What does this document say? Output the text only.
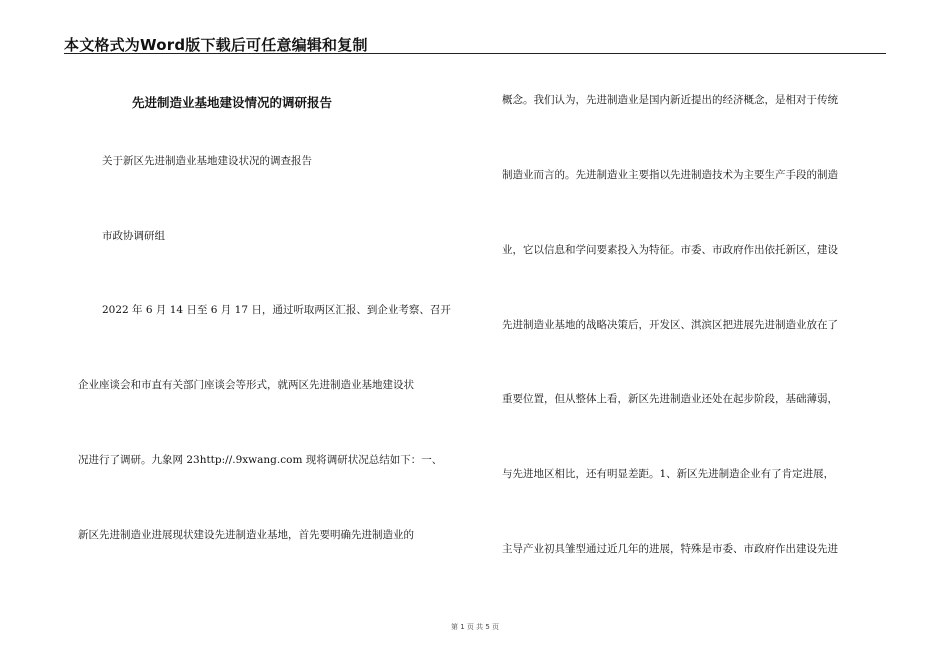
本文格式为Word版下载后可任意编辑和复制
先进制造业基地建设情况的调研报告
关于新区先进制造业基地建设状况的调查报告
市政协调研组
2022 年 6 月 14 日至 6 月 17 日，通过听取两区汇报、到企业考察、召开
企业座谈会和市直有关部门座谈会等形式，就两区先进制造业基地建设状
况进行了调研。九象网 23http://.9xwang.com 现将调研状况总结如下：一、
新区先进制造业进展现状建设先进制造业基地，首先要明确先进制造业的
概念。我们认为，先进制造业是国内新近提出的经济概念，是相对于传统
制造业而言的。先进制造业主要指以先进制造技术为主要生产手段的制造
业，它以信息和学问要素投入为特征。市委、市政府作出依托新区，建设
先进制造业基地的战略决策后，开发区、淇滨区把进展先进制造业放在了
重要位置，但从整体上看，新区先进制造业还处在起步阶段，基础薄弱，
与先进地区相比，还有明显差距。1、新区先进制造企业有了肯定进展，
主导产业初具雏型通过近几年的进展，特殊是市委、市政府作出建设先进
第 1 页 共 5 页
